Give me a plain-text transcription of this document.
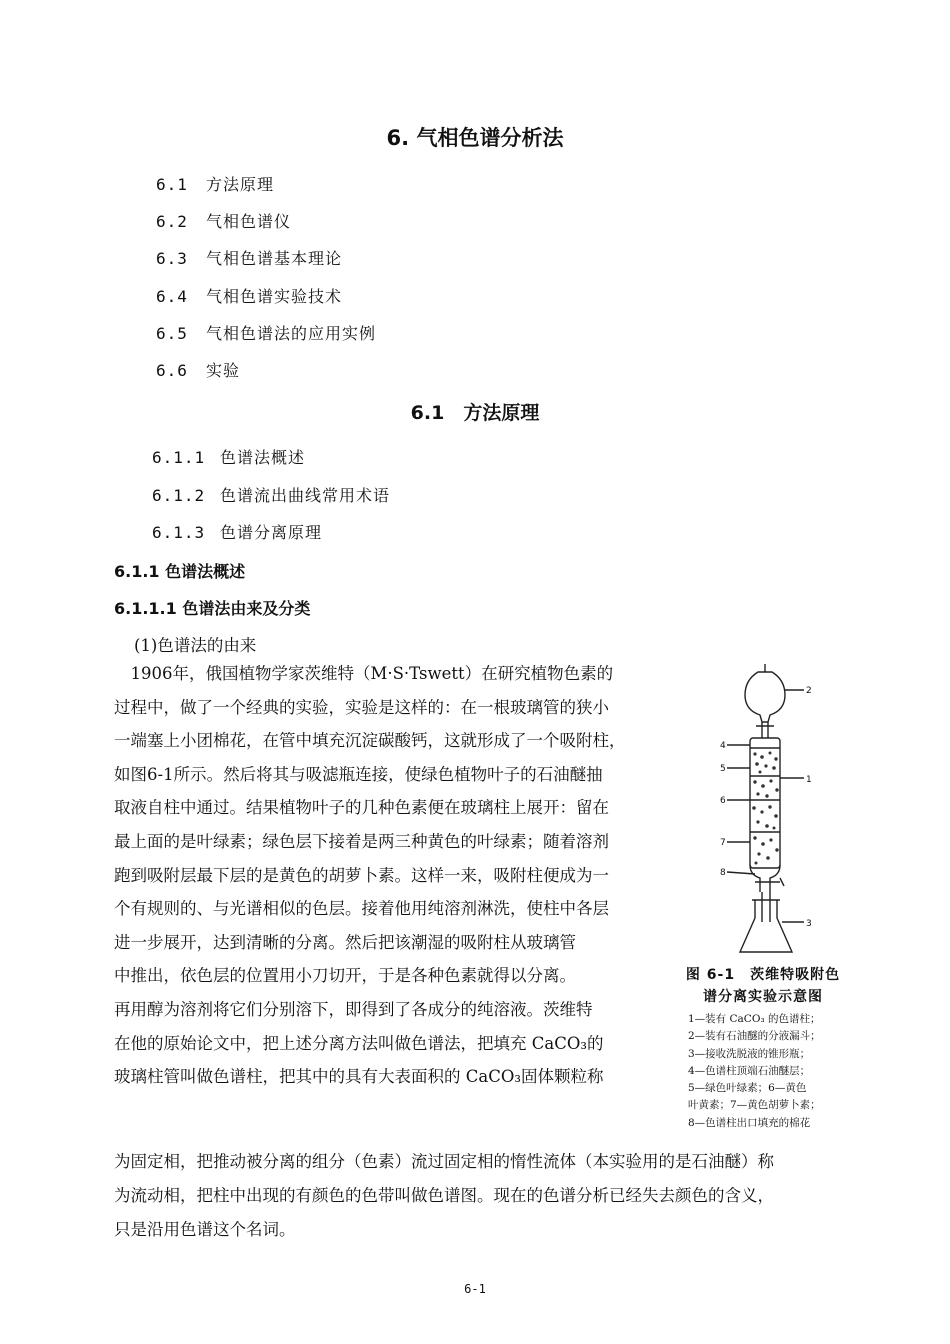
6. 气相色谱分析法
6.1 方法原理
6.2 气相色谱仪
6.3 气相色谱基本理论
6.4 气相色谱实验技术
6.5 气相色谱法的应用实例
6.6 实验
6.1　方法原理
6.1.1 色谱法概述
6.1.2 色谱流出曲线常用术语
6.1.3 色谱分离原理
6.1.1 色谱法概述
6.1.1.1 色谱法由来及分类
(1)色谱法的由来

　1906年，俄国植物学家茨维特（M·S·Tswett）在研究植物色素的

过程中，做了一个经典的实验，实验是这样的：在一根玻璃管的狭小

一端塞上小团棉花，在管中填充沉淀碳酸钙，这就形成了一个吸附柱，

如图6-1所示。然后将其与吸滤瓶连接，使绿色植物叶子的石油醚抽

取液自柱中通过。结果植物叶子的几种色素便在玻璃柱上展开：留在

最上面的是叶绿素；绿色层下接着是两三种黄色的叶绿素；随着溶剂

跑到吸附层最下层的是黄色的胡萝卜素。这样一来，吸附柱便成为一

个有规则的、与光谱相似的色层。接着他用纯溶剂淋洗，使柱中各层

进一步展开，达到清晰的分离。然后把该潮湿的吸附柱从玻璃管

中推出，依色层的位置用小刀切开，于是各种色素就得以分离。

再用醇为溶剂将它们分别溶下，即得到了各成分的纯溶液。茨维特

在他的原始论文中，把上述分离方法叫做色谱法，把填充 CaCO₃的

玻璃柱管叫做色谱柱，把其中的具有大表面积的 CaCO₃固体颗粒称

为固定相，把推动被分离的组分（色素）流过固定相的惰性流体（本实验用的是石油醚）称
为流动相，把柱中出现的有颜色的色带叫做色谱图。现在的色谱分析已经失去颜色的含义，
只是沿用色谱这个名词。
2
1
3
4
5
6
7
8
图 6-1　茨维特吸附色
谱分离实验示意图
1—装有 CaCO₃ 的色谱柱；
2—装有石油醚的分液漏斗；
3—接收洗脱液的锥形瓶；
4—色谱柱顶端石油醚层；
5—绿色叶绿素；6—黄色
叶黄素；7—黄色胡萝卜素；
8—色谱柱出口填充的棉花
6-1
